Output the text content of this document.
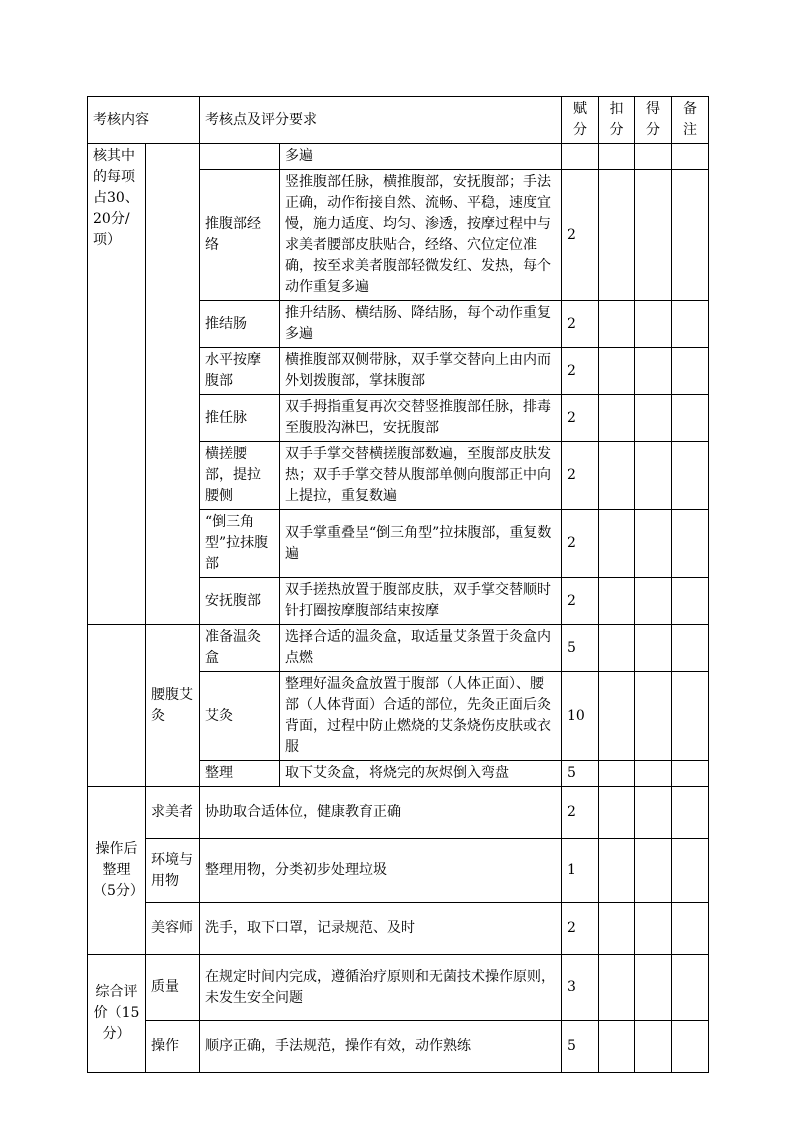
考核内容		考核点及评分要求		赋分	扣分	得分	备注
核其中的每项占30、20分/项）			多遍				
		推腹部经络	竖推腹部任脉，横推腹部，安抚腹部；手法正确，动作衔接自然、流畅、平稳，速度宜慢，施力适度、均匀、渗透，按摩过程中与求美者腰部皮肤贴合，经络、穴位定位准确，按至求美者腹部轻微发红、发热，每个动作重复多遍	2			
		推结肠	推升结肠、横结肠、降结肠，每个动作重复多遍	2			
		水平按摩腹部	横推腹部双侧带脉，双手掌交替向上由内而外划拨腹部，掌抹腹部	2			
		推任脉	双手拇指重复再次交替竖推腹部任脉，排毒至腹股沟淋巴，安抚腹部	2			
		横搓腰部，提拉腰侧	双手手掌交替横搓腹部数遍，至腹部皮肤发热；双手手掌交替从腹部单侧向腹部正中向上提拉，重复数遍	2			
		“倒三角型”拉抹腹部	双手掌重叠呈“倒三角型”拉抹腹部，重复数遍	2			
		安抚腹部	双手搓热放置于腹部皮肤，双手掌交替顺时针打圈按摩腹部结束按摩	2			
	腰腹艾灸	准备温灸盒	选择合适的温灸盒，取适量艾条置于灸盒内点燃	5			
		艾灸	整理好温灸盒放置于腹部（人体正面）、腰部（人体背面）合适的部位，先灸正面后灸背面，过程中防止燃烧的艾条烧伤皮肤或衣服	10			
		整理	取下艾灸盒，将烧完的灰烬倒入弯盘	5			
操作后整理（5分）	求美者	协助取合适体位，健康教育正确		2			
	环境与用物	整理用物，分类初步处理垃圾		1			
	美容师	洗手，取下口罩，记录规范、及时		2			
综合评价（15分）	质量	在规定时间内完成，遵循治疗原则和无菌技术操作原则，未发生安全问题		3			
	操作	顺序正确，手法规范，操作有效，动作熟练		5			
